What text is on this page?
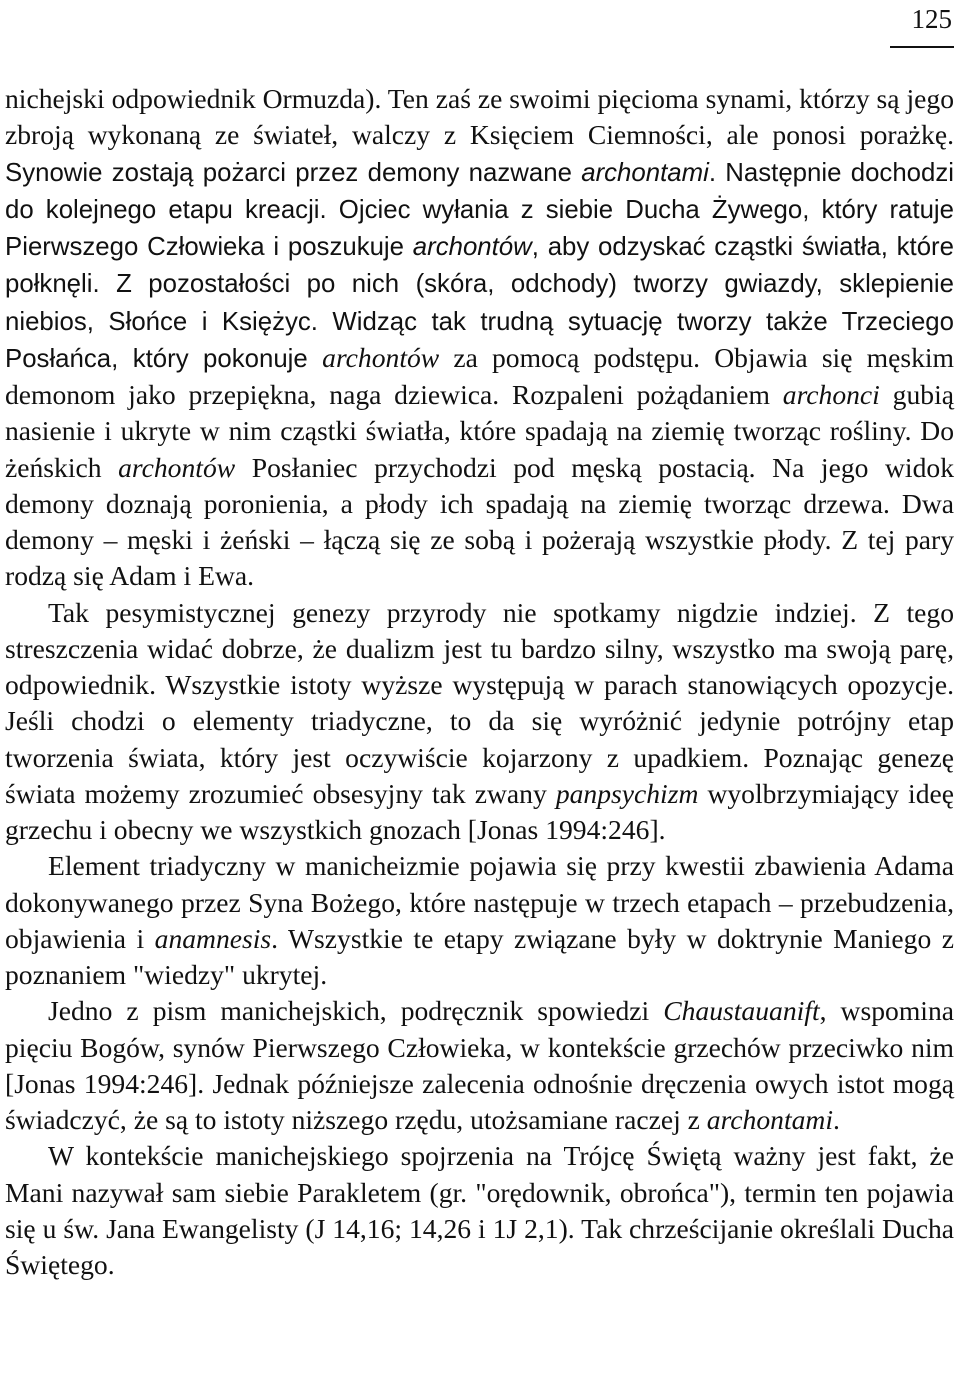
125

nichejski odpowiednik Ormuzda). Ten zaś ze swoimi pięcioma synami, którzy są jego zbroją wykonaną ze świateł, walczy z Księciem Ciemności, ale ponosi porażkę. Synowie zostają pożarci przez demony nazwane archontami. Następnie dochodzi do kolejnego etapu kreacji. Ojciec wyłania z siebie Ducha Żywego, który ratuje Pierwszego Człowieka i poszukuje archontów, aby odzyskać cząstki światła, które połknęli. Z pozostałości po nich (skóra, odchody) tworzy gwiazdy, sklepienie niebios, Słońce i Księżyc. Widząc tak trudną sytuację tworzy także Trzeciego Posłańca, który pokonuje archontów za pomocą podstępu. Objawia się męskim demonom jako przepiękna, naga dziewica. Rozpaleni pożądaniem archonci gubią nasienie i ukryte w nim cząstki światła, które spadają na ziemię tworząc rośliny. Do żeńskich archontów Posłaniec przychodzi pod męską postacią. Na jego widok demony doznają poronienia, a płody ich spadają na ziemię tworząc drzewa. Dwa demony – męski i żeński – łączą się ze sobą i pożerają wszystkie płody. Z tej pary rodzą się Adam i Ewa.

Tak pesymistycznej genezy przyrody nie spotkamy nigdzie indziej. Z tego streszczenia widać dobrze, że dualizm jest tu bardzo silny, wszystko ma swoją parę, odpowiednik. Wszystkie istoty wyższe występują w parach stanowiących opozycje. Jeśli chodzi o elementy triadyczne, to da się wyróżnić jedynie potrójny etap tworzenia świata, który jest oczywiście kojarzony z upadkiem. Poznając genezę świata możemy zrozumieć obsesyjny tak zwany panpsychizm wyolbrzymiający ideę grzechu i obecny we wszystkich gnozach [Jonas 1994:246].

Element triadyczny w manicheizmie pojawia się przy kwestii zbawienia Adama dokonywanego przez Syna Bożego, które następuje w trzech etapach – przebudzenia, objawienia i anamnesis. Wszystkie te etapy związane były w doktrynie Maniego z poznaniem "wiedzy" ukrytej.

Jedno z pism manichejskich, podręcznik spowiedzi Chaustauanift, wspomina pięciu Bogów, synów Pierwszego Człowieka, w kontekście grzechów przeciwko nim [Jonas 1994:246]. Jednak późniejsze zalecenia odnośnie dręczenia owych istot mogą świadczyć, że są to istoty niższego rzędu, utożsamiane raczej z archontami.

W kontekście manichejskiego spojrzenia na Trójcę Świętą ważny jest fakt, że Mani nazywał sam siebie Parakletem (gr. "orędownik, obrońca"), termin ten pojawia się u św. Jana Ewangelisty (J 14,16; 14,26 i 1J 2,1). Tak chrześcijanie określali Ducha Świętego.
